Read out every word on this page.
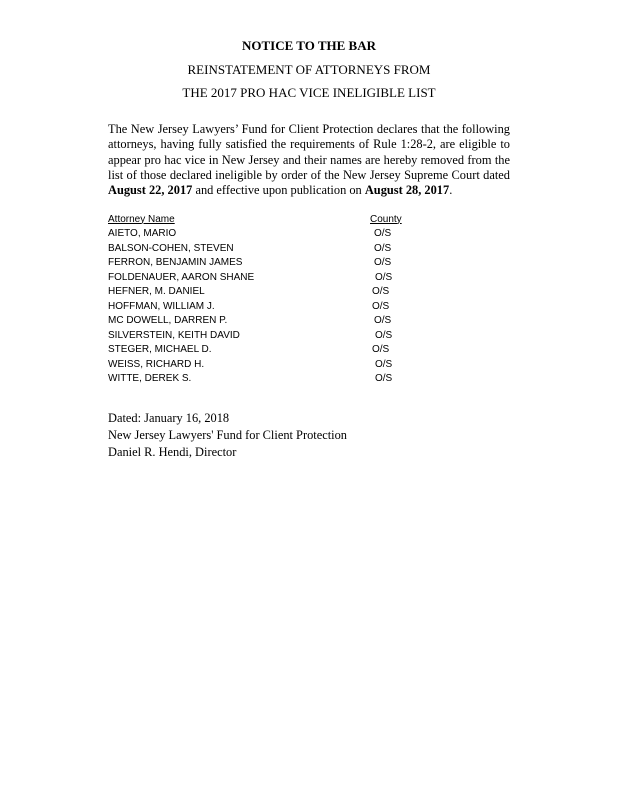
NOTICE TO THE BAR
REINSTATEMENT OF ATTORNEYS FROM
THE 2017 PRO HAC VICE INELIGIBLE LIST
The New Jersey Lawyers’ Fund for Client Protection declares that the following attorneys, having fully satisfied the requirements of Rule 1:28-2, are eligible to appear pro hac vice in New Jersey and their names are hereby removed from the list of those declared ineligible by order of the New Jersey Supreme Court dated August 22, 2017 and effective upon publication on August 28, 2017.
Attorney Name	County
AIETO, MARIO	O/S
BALSON-COHEN, STEVEN	O/S
FERRON, BENJAMIN JAMES	O/S
FOLDENAUER, AARON SHANE	O/S
HEFNER, M. DANIEL	O/S
HOFFMAN, WILLIAM J.	O/S
MC DOWELL, DARREN P.	O/S
SILVERSTEIN, KEITH DAVID	O/S
STEGER, MICHAEL D.	O/S
WEISS, RICHARD H.	O/S
WITTE, DEREK S.	O/S
Dated: January 16, 2018
New Jersey Lawyers' Fund for Client Protection
Daniel R. Hendi, Director
